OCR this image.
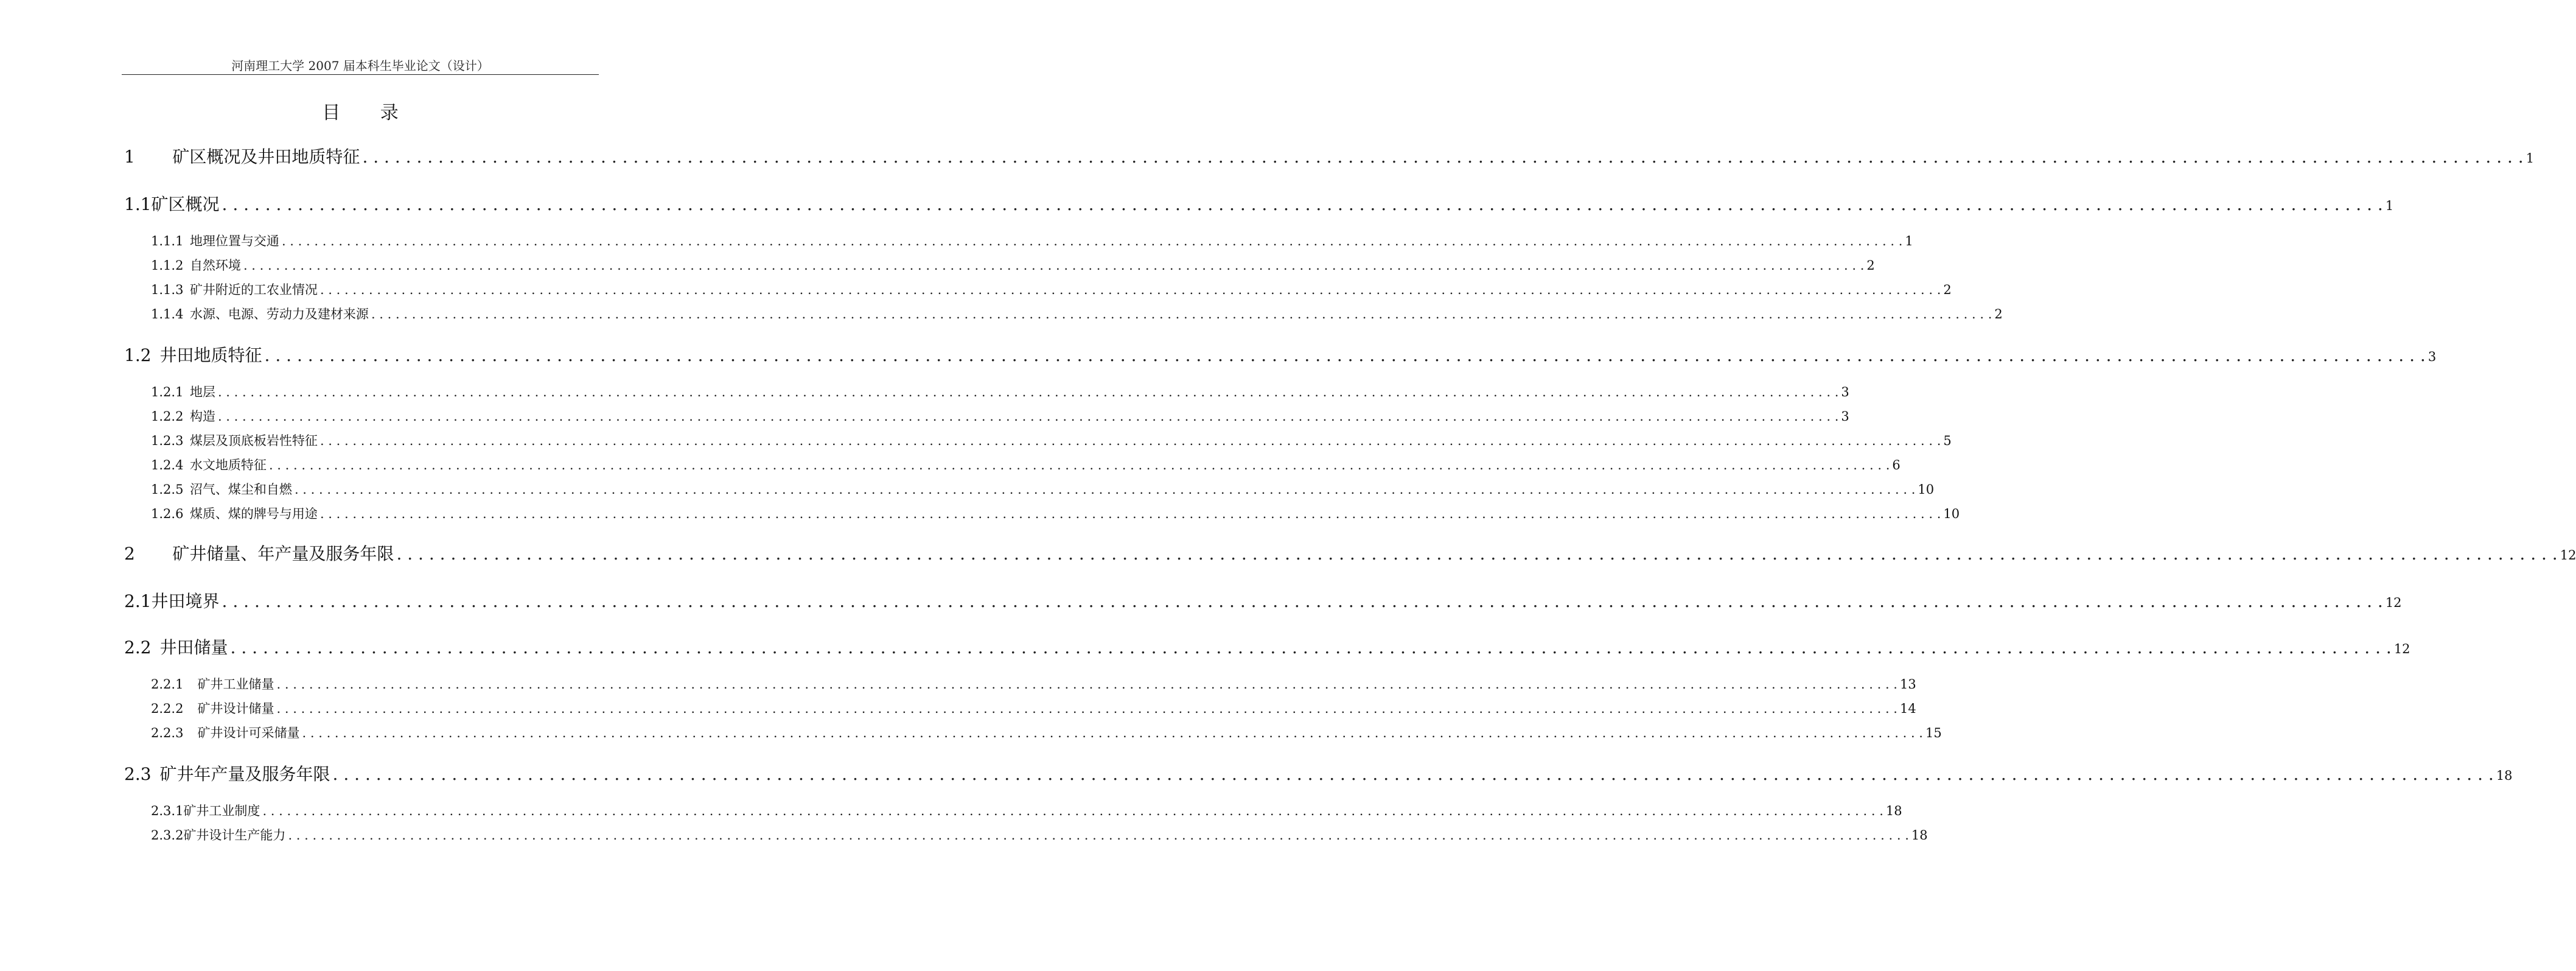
河南理工大学 2007 届本科生毕业论文（设计）
目 录
1 矿区概况及井田地质特征 . . . . . . . . . . . . . . . . . . . . . . . . . . . . . . . . . . . . . . . . . . . . . . . . . . . . . . . . . . . . . . . . . . . . . . . . . . . . . . . . . . . . . . . . . . . . . . . . . . . . . . . . . . . . . . . . . . . . . . . . . . . . . . . . . . . . . . . . . . . . . . . . . . . . . . . . . . . . . . . . . . . . . . . . . . . . . . . . . . . . . . . . . . . . . . . . . . . . . . . . 1
1.1 矿区概况 . . . . . . . . . . . . . . . . . . . . . . . . . . . . . . . . . . . . . . . . . . . . . . . . . . . . . . . . . . . . . . . . . . . . . . . . . . . . . . . . . . . . . . . . . . . . . . . . . . . . . . . . . . . . . . . . . . . . . . . . . . . . . . . . . . . . . . . . . . . . . . . . . . . . . . . . . . . . . . . . . . . . . . . . . . . . . . . . . . . . . . . . . . . . . . . . . . . . . . . . 1
1.1.1 地理位置与交通 . . . . . . . . . . . . . . . . . . . . . . . . . . . . . . . . . . . . . . . . . . . . . . . . . . . . . . . . . . . . . . . . . . . . . . . . . . . . . . . . . . . . . . . . . . . . . . . . . . . . . . . . . . . . . . . . . . . . . . . . . . . . . . . . . . . . . . . . . . . . . . . . . . . . . . . . . . . . . . . . . . . . . . . . . . . . . . . . . . . . . . . . . . . . . . . . . . . . . . . . 1
1.1.2 自然环境 . . . . . . . . . . . . . . . . . . . . . . . . . . . . . . . . . . . . . . . . . . . . . . . . . . . . . . . . . . . . . . . . . . . . . . . . . . . . . . . . . . . . . . . . . . . . . . . . . . . . . . . . . . . . . . . . . . . . . . . . . . . . . . . . . . . . . . . . . . . . . . . . . . . . . . . . . . . . . . . . . . . . . . . . . . . . . . . . . . . . . . . . . . . . . . . . . . . . . . . . 2
1.1.3 矿井附近的工农业情况 . . . . . . . . . . . . . . . . . . . . . . . . . . . . . . . . . . . . . . . . . . . . . . . . . . . . . . . . . . . . . . . . . . . . . . . . . . . . . . . . . . . . . . . . . . . . . . . . . . . . . . . . . . . . . . . . . . . . . . . . . . . . . . . . . . . . . . . . . . . . . . . . . . . . . . . . . . . . . . . . . . . . . . . . . . . . . . . . . . . . . . . . . . . . . . . . . . . . . . . . 2
1.1.4 水源、电源、劳动力及建材来源 . . . . . . . . . . . . . . . . . . . . . . . . . . . . . . . . . . . . . . . . . . . . . . . . . . . . . . . . . . . . . . . . . . . . . . . . . . . . . . . . . . . . . . . . . . . . . . . . . . . . . . . . . . . . . . . . . . . . . . . . . . . . . . . . . . . . . . . . . . . . . . . . . . . . . . . . . . . . . . . . . . . . . . . . . . . . . . . . . . . . . . . . . . . . . . . . . . . . . . . . 2
1.2 井田地质特征 . . . . . . . . . . . . . . . . . . . . . . . . . . . . . . . . . . . . . . . . . . . . . . . . . . . . . . . . . . . . . . . . . . . . . . . . . . . . . . . . . . . . . . . . . . . . . . . . . . . . . . . . . . . . . . . . . . . . . . . . . . . . . . . . . . . . . . . . . . . . . . . . . . . . . . . . . . . . . . . . . . . . . . . . . . . . . . . . . . . . . . . . . . . . . . . . . . . . . . . . 3
1.2.1 地层 . . . . . . . . . . . . . . . . . . . . . . . . . . . . . . . . . . . . . . . . . . . . . . . . . . . . . . . . . . . . . . . . . . . . . . . . . . . . . . . . . . . . . . . . . . . . . . . . . . . . . . . . . . . . . . . . . . . . . . . . . . . . . . . . . . . . . . . . . . . . . . . . . . . . . . . . . . . . . . . . . . . . . . . . . . . . . . . . . . . . . . . . . . . . . . . . . . . . . . . . 3
1.2.2 构造 . . . . . . . . . . . . . . . . . . . . . . . . . . . . . . . . . . . . . . . . . . . . . . . . . . . . . . . . . . . . . . . . . . . . . . . . . . . . . . . . . . . . . . . . . . . . . . . . . . . . . . . . . . . . . . . . . . . . . . . . . . . . . . . . . . . . . . . . . . . . . . . . . . . . . . . . . . . . . . . . . . . . . . . . . . . . . . . . . . . . . . . . . . . . . . . . . . . . . . . . 3
1.2.3 煤层及顶底板岩性特征 . . . . . . . . . . . . . . . . . . . . . . . . . . . . . . . . . . . . . . . . . . . . . . . . . . . . . . . . . . . . . . . . . . . . . . . . . . . . . . . . . . . . . . . . . . . . . . . . . . . . . . . . . . . . . . . . . . . . . . . . . . . . . . . . . . . . . . . . . . . . . . . . . . . . . . . . . . . . . . . . . . . . . . . . . . . . . . . . . . . . . . . . . . . . . . . . . . . . . . . . 5
1.2.4 水文地质特征 . . . . . . . . . . . . . . . . . . . . . . . . . . . . . . . . . . . . . . . . . . . . . . . . . . . . . . . . . . . . . . . . . . . . . . . . . . . . . . . . . . . . . . . . . . . . . . . . . . . . . . . . . . . . . . . . . . . . . . . . . . . . . . . . . . . . . . . . . . . . . . . . . . . . . . . . . . . . . . . . . . . . . . . . . . . . . . . . . . . . . . . . . . . . . . . . . . . . . . . . 6
1.2.5 沼气、煤尘和自燃 . . . . . . . . . . . . . . . . . . . . . . . . . . . . . . . . . . . . . . . . . . . . . . . . . . . . . . . . . . . . . . . . . . . . . . . . . . . . . . . . . . . . . . . . . . . . . . . . . . . . . . . . . . . . . . . . . . . . . . . . . . . . . . . . . . . . . . . . . . . . . . . . . . . . . . . . . . . . . . . . . . . . . . . . . . . . . . . . . . . . . . . . . . . . . . . . . . . . . . . . 10
1.2.6 煤质、煤的牌号与用途 . . . . . . . . . . . . . . . . . . . . . . . . . . . . . . . . . . . . . . . . . . . . . . . . . . . . . . . . . . . . . . . . . . . . . . . . . . . . . . . . . . . . . . . . . . . . . . . . . . . . . . . . . . . . . . . . . . . . . . . . . . . . . . . . . . . . . . . . . . . . . . . . . . . . . . . . . . . . . . . . . . . . . . . . . . . . . . . . . . . . . . . . . . . . . . . . . . . . . . . . 10
2 矿井储量、年产量及服务年限 . . . . . . . . . . . . . . . . . . . . . . . . . . . . . . . . . . . . . . . . . . . . . . . . . . . . . . . . . . . . . . . . . . . . . . . . . . . . . . . . . . . . . . . . . . . . . . . . . . . . . . . . . . . . . . . . . . . . . . . . . . . . . . . . . . . . . . . . . . . . . . . . . . . . . . . . . . . . . . . . . . . . . . . . . . . . . . . . . . . . . . . . . . . . . . . . . . . . . . . . 12
2.1 井田境界 . . . . . . . . . . . . . . . . . . . . . . . . . . . . . . . . . . . . . . . . . . . . . . . . . . . . . . . . . . . . . . . . . . . . . . . . . . . . . . . . . . . . . . . . . . . . . . . . . . . . . . . . . . . . . . . . . . . . . . . . . . . . . . . . . . . . . . . . . . . . . . . . . . . . . . . . . . . . . . . . . . . . . . . . . . . . . . . . . . . . . . . . . . . . . . . . . . . . . . . . 12
2.2 井田储量 . . . . . . . . . . . . . . . . . . . . . . . . . . . . . . . . . . . . . . . . . . . . . . . . . . . . . . . . . . . . . . . . . . . . . . . . . . . . . . . . . . . . . . . . . . . . . . . . . . . . . . . . . . . . . . . . . . . . . . . . . . . . . . . . . . . . . . . . . . . . . . . . . . . . . . . . . . . . . . . . . . . . . . . . . . . . . . . . . . . . . . . . . . . . . . . . . . . . . . . . 12
2.2.1 矿井工业储量 . . . . . . . . . . . . . . . . . . . . . . . . . . . . . . . . . . . . . . . . . . . . . . . . . . . . . . . . . . . . . . . . . . . . . . . . . . . . . . . . . . . . . . . . . . . . . . . . . . . . . . . . . . . . . . . . . . . . . . . . . . . . . . . . . . . . . . . . . . . . . . . . . . . . . . . . . . . . . . . . . . . . . . . . . . . . . . . . . . . . . . . . . . . . . . . . . . . . . . . . 13
2.2.2 矿井设计储量 . . . . . . . . . . . . . . . . . . . . . . . . . . . . . . . . . . . . . . . . . . . . . . . . . . . . . . . . . . . . . . . . . . . . . . . . . . . . . . . . . . . . . . . . . . . . . . . . . . . . . . . . . . . . . . . . . . . . . . . . . . . . . . . . . . . . . . . . . . . . . . . . . . . . . . . . . . . . . . . . . . . . . . . . . . . . . . . . . . . . . . . . . . . . . . . . . . . . . . . . 14
2.2.3 矿井设计可采储量 . . . . . . . . . . . . . . . . . . . . . . . . . . . . . . . . . . . . . . . . . . . . . . . . . . . . . . . . . . . . . . . . . . . . . . . . . . . . . . . . . . . . . . . . . . . . . . . . . . . . . . . . . . . . . . . . . . . . . . . . . . . . . . . . . . . . . . . . . . . . . . . . . . . . . . . . . . . . . . . . . . . . . . . . . . . . . . . . . . . . . . . . . . . . . . . . . . . . . . . . 15
2.3 矿井年产量及服务年限 . . . . . . . . . . . . . . . . . . . . . . . . . . . . . . . . . . . . . . . . . . . . . . . . . . . . . . . . . . . . . . . . . . . . . . . . . . . . . . . . . . . . . . . . . . . . . . . . . . . . . . . . . . . . . . . . . . . . . . . . . . . . . . . . . . . . . . . . . . . . . . . . . . . . . . . . . . . . . . . . . . . . . . . . . . . . . . . . . . . . . . . . . . . . . . . . . . . . . . . . 18
2.3.1 矿井工业制度 . . . . . . . . . . . . . . . . . . . . . . . . . . . . . . . . . . . . . . . . . . . . . . . . . . . . . . . . . . . . . . . . . . . . . . . . . . . . . . . . . . . . . . . . . . . . . . . . . . . . . . . . . . . . . . . . . . . . . . . . . . . . . . . . . . . . . . . . . . . . . . . . . . . . . . . . . . . . . . . . . . . . . . . . . . . . . . . . . . . . . . . . . . . . . . . . . . . . . . . . 18
2.3.2 矿井设计生产能力 . . . . . . . . . . . . . . . . . . . . . . . . . . . . . . . . . . . . . . . . . . . . . . . . . . . . . . . . . . . . . . . . . . . . . . . . . . . . . . . . . . . . . . . . . . . . . . . . . . . . . . . . . . . . . . . . . . . . . . . . . . . . . . . . . . . . . . . . . . . . . . . . . . . . . . . . . . . . . . . . . . . . . . . . . . . . . . . . . . . . . . . . . . . . . . . . . . . . . . . . 18
